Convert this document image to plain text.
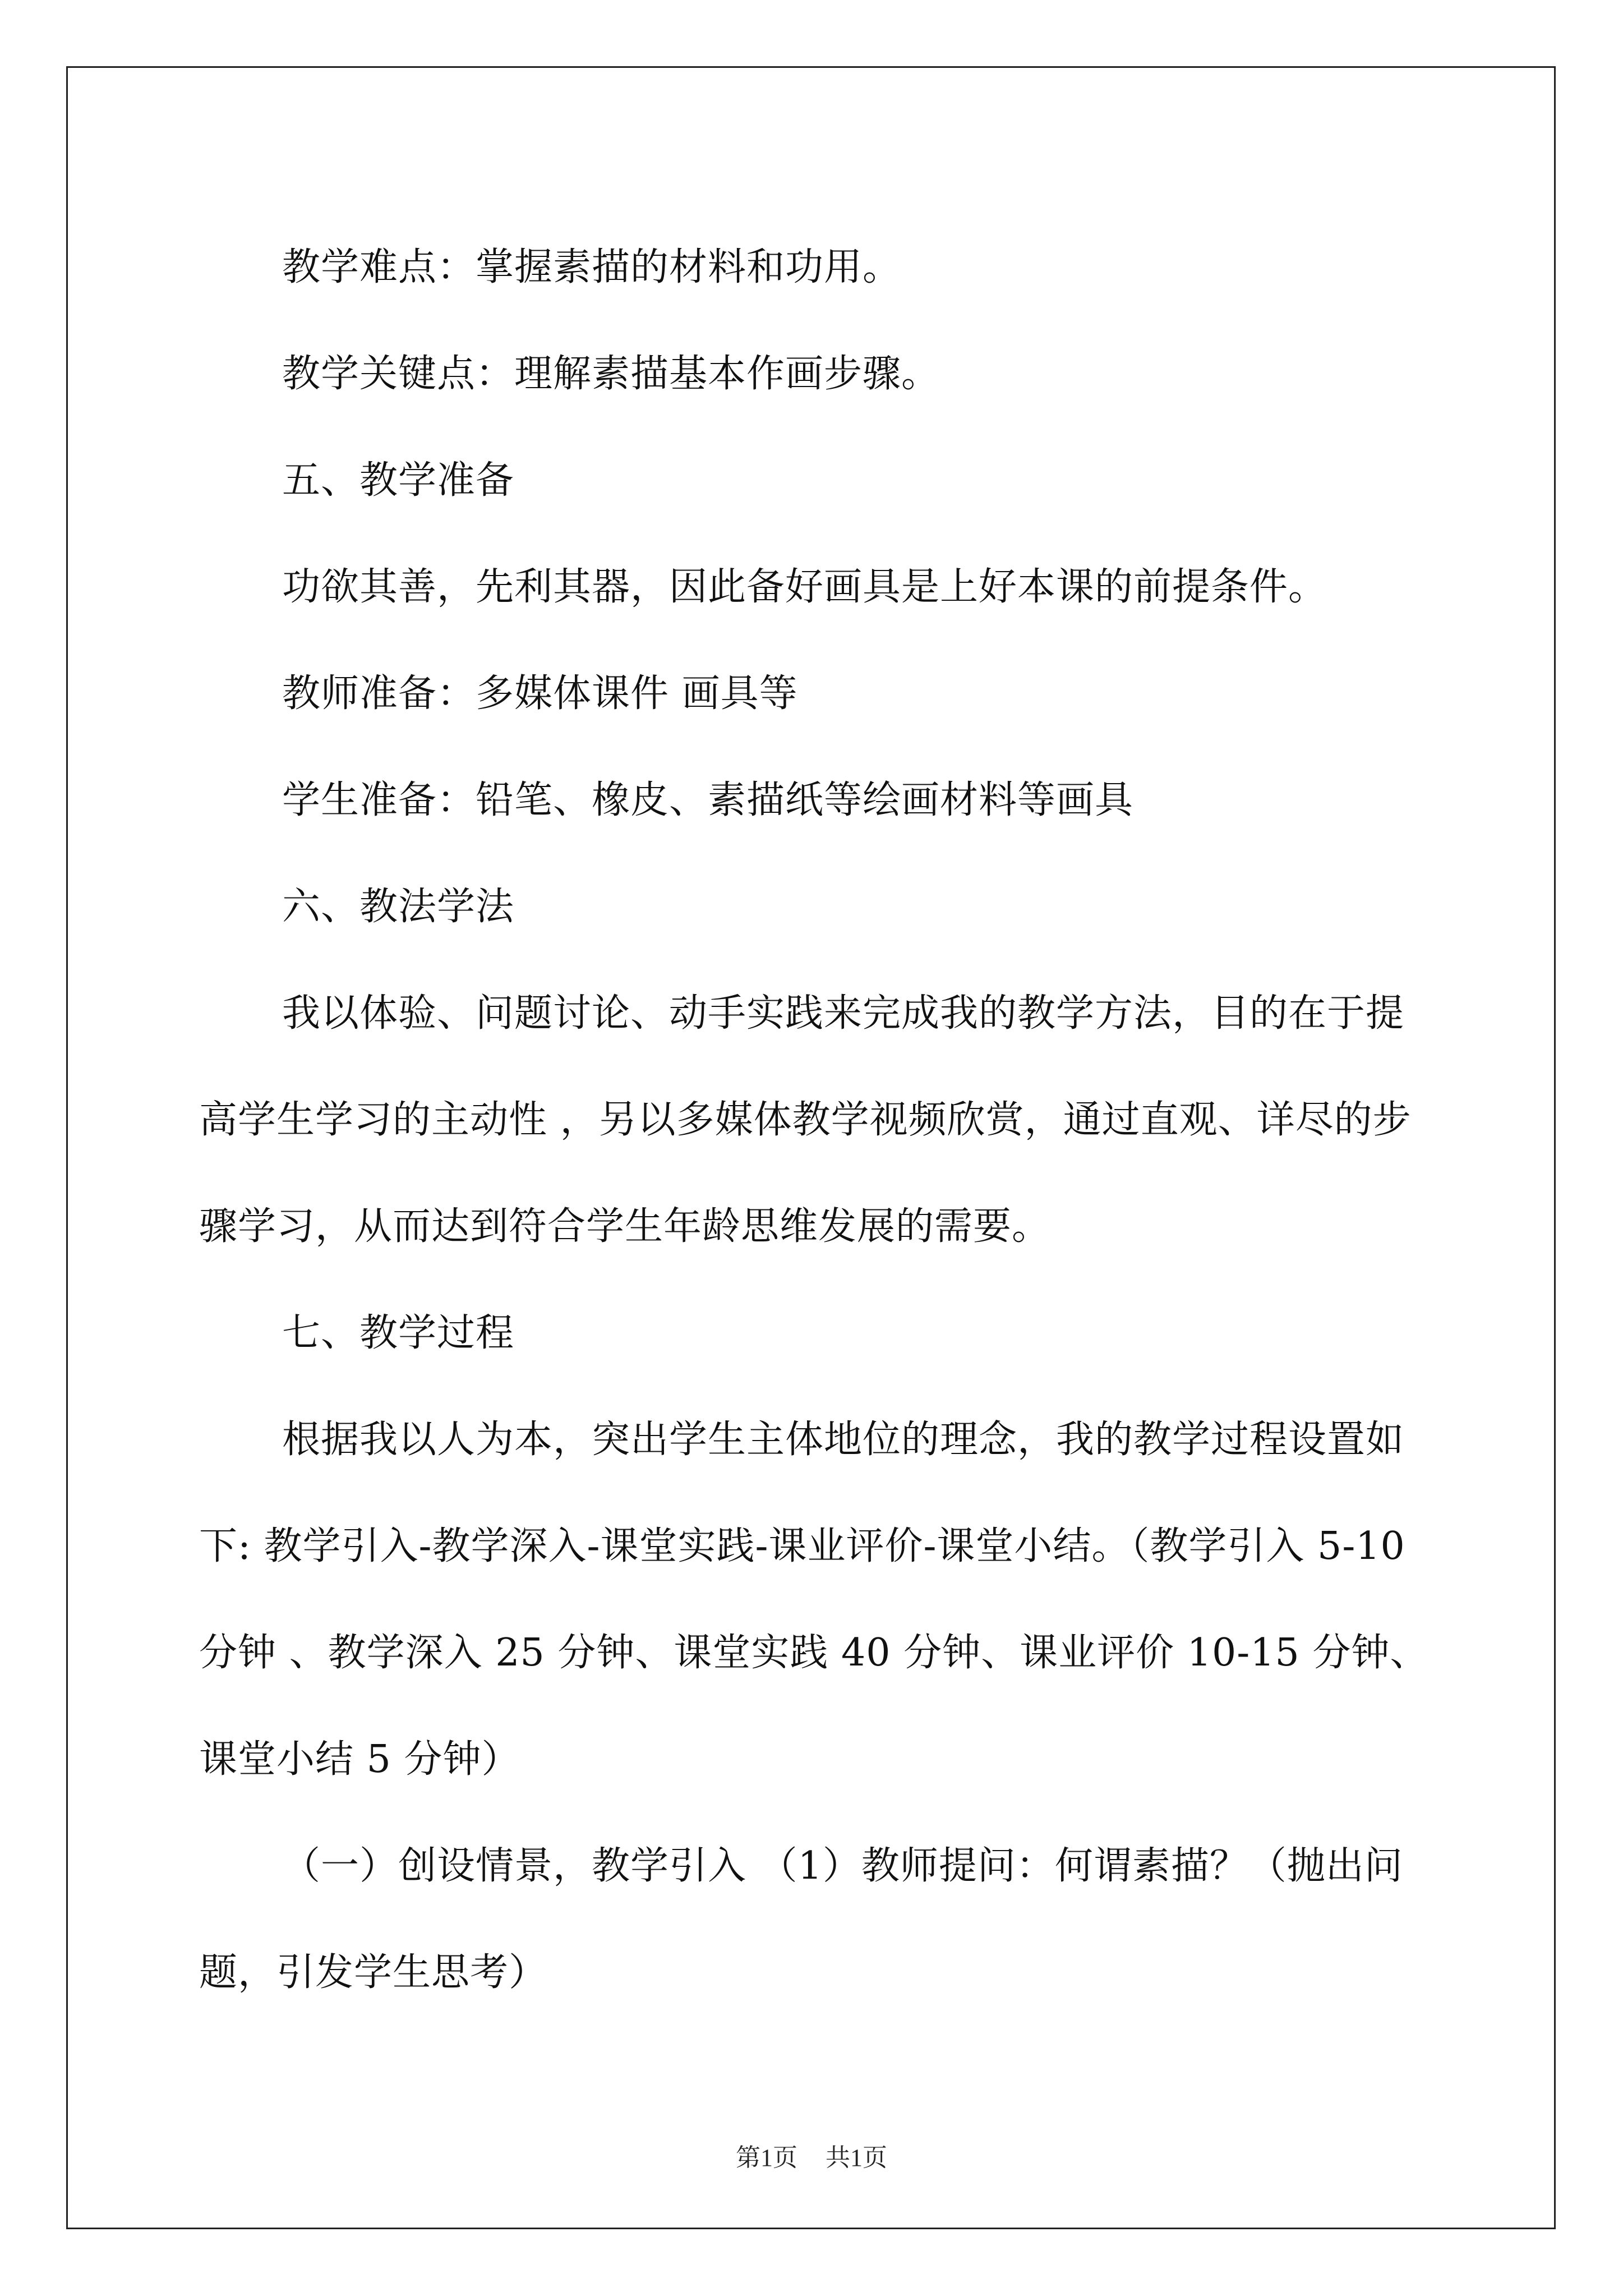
教学难点：掌握素描的材料和功用。

教学关键点：理解素描基本作画步骤。

五、教学准备

功欲其善，先利其器，因此备好画具是上好本课的前提条件。

教师准备：多媒体课件 画具等

学生准备：铅笔、橡皮、素描纸等绘画材料等画具

六、教法学法

我以体验、问题讨论、动手实践来完成我的教学方法，目的在于提高学生学习的主动性 ，另以多媒体教学视频欣赏，通过直观、详尽的步骤学习，从而达到符合学生年龄思维发展的需要。

七、教学过程

根据我以人为本，突出学生主体地位的理念，我的教学过程设置如下: 教学引入-教学深入-课堂实践-课业评价-课堂小结。（教学引入 5-10 分钟 、教学深入 25 分钟、课堂实践 40 分钟、课业评价 10-15 分钟、课堂小结 5 分钟）

（一）创设情景，教学引入 （1）教师提问：何谓素描？（抛出问题，引发学生思考）

第1页 共1页
